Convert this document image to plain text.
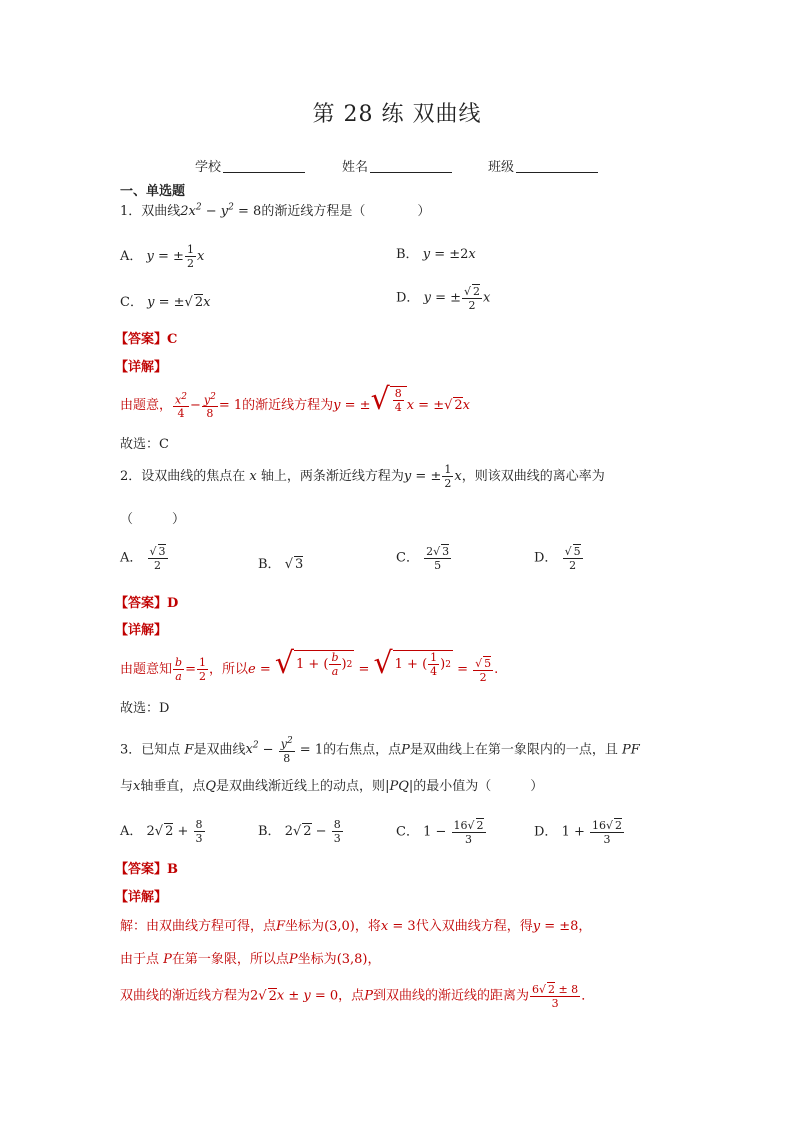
第 28 练 双曲线
学校	姓名	班级
一、单选题
1．双曲线$2x^2 - y^2 = 8$的渐近线方程是（　　　　）
A． y = ± $\frac{1}{2}$ x	B． y = ±2x
C． y = ±√ 2x	D． y = ± $\frac{√ 2}{2}$ x
【答案】C
【详解】
由题意， $\frac{x^2}{4} - \frac{y^2}{8} = 1$的渐近线方程为y = ± √ $\frac{8}{4}$ x = ±√ 2x
故选：C
2．设双曲线的焦点在 x 轴上，两条渐近线方程为y = ± $\frac{1}{2}$ x，则该双曲线的离心率为
（　　　）
A． $\frac{√ 3}{2}$	B． √ 3	C． $\frac{2√ 3}{5}$	D． $\frac{√ 5}{2}$
【答案】D
【详解】
由题意知 $\frac{b}{a} = \frac{1}{2}$ ，所以e = √ 1 + ( $\frac{b}{a}$ ) 2 = √ 1 + ( $\frac{1}{4}$ ) $2 = \frac{√ 5}{2}$ .
故选：D
3．已知点 F是双曲线$x^2 - \frac{y^2}{8} = 1$的右焦点，点P是双曲线上在第一象限内的一点，且 PF
与x轴垂直，点Q是双曲线渐近线上的动点，则|PQ|的最小值为（　　　）
A． 2√ $2 + \frac{8}{3}$	B． 2√ $2 - \frac{8}{3}$	C． $1 - \frac{16√ 2}{3}$	D． $1 + \frac{16√ 2}{3}$
【答案】B
【详解】
解：由双曲线方程可得，点F坐标为(3,0)，将x = 3代入双曲线方程，得y = ±8，
由于点 P在第一象限，所以点P坐标为(3,8)，
双曲线的渐近线方程为2√ 2x ± y = 0，点P到双曲线的渐近线的距离为 $\frac{6√ 2 \pm 8}{3}$ ．
